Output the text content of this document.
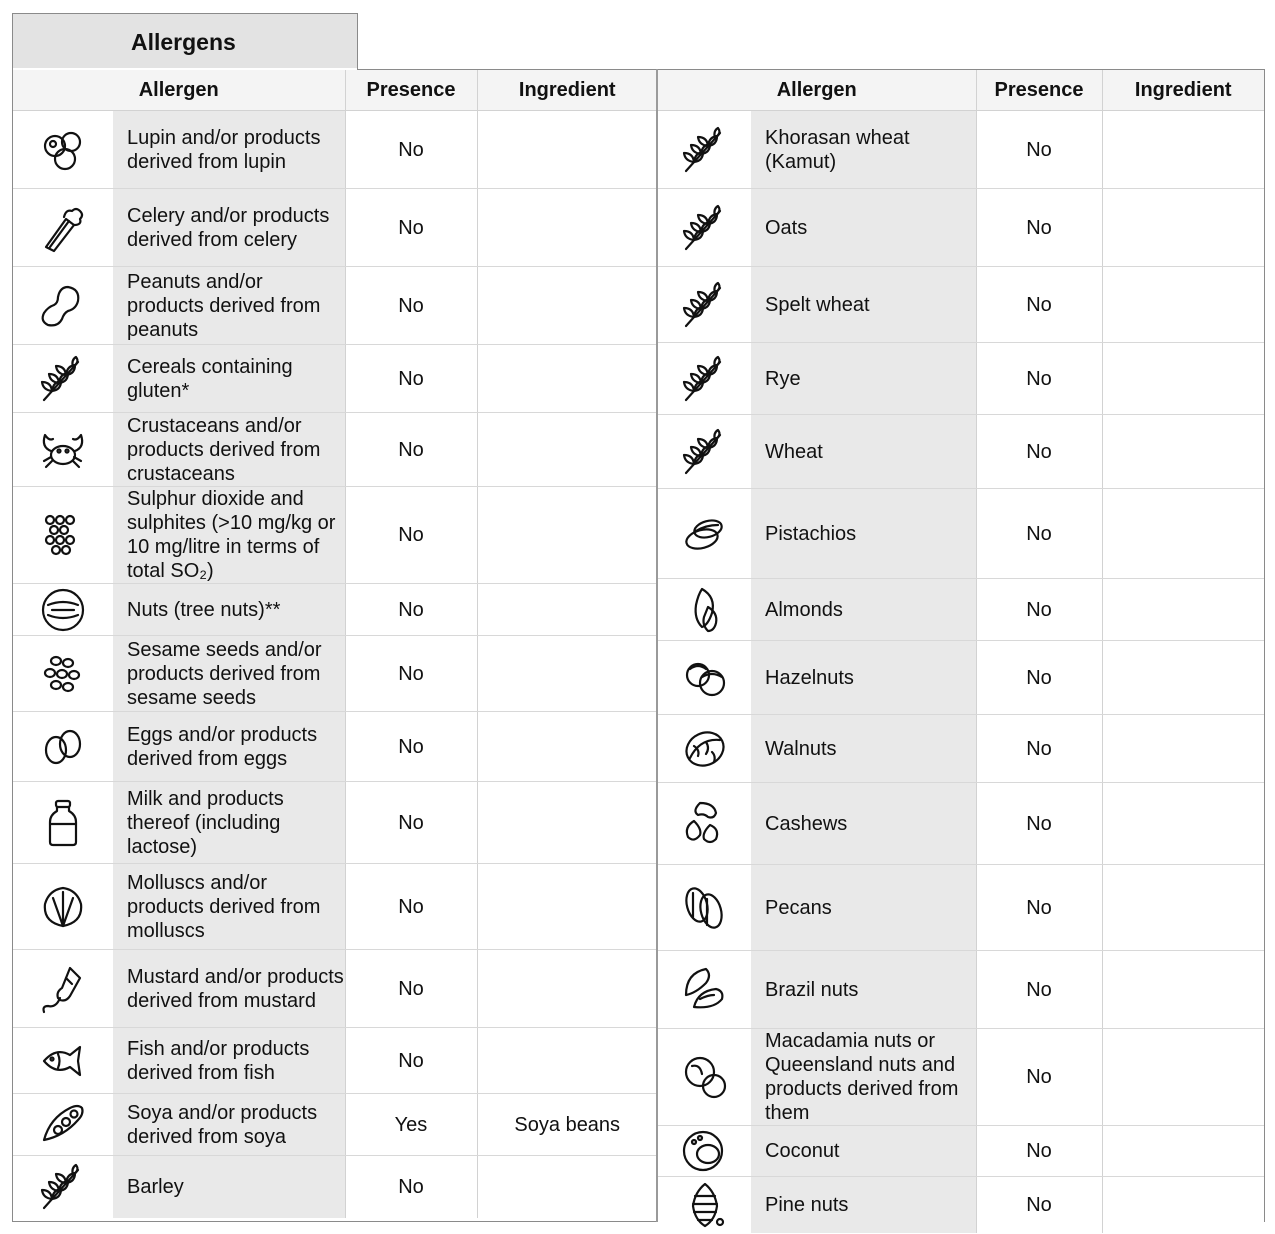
Allergens
Allergen		Presence	Ingredient

	Lupin and/or products derived from lupin	No	

	Celery and/or products derived from celery	No	

	Peanuts and/or products derived from peanuts	No	

	Cereals containing gluten*	No	

	Crustaceans and/or products derived from crustaceans	No	

	Sulphur dioxide and sulphites (>10 mg/kg or 10 mg/litre in terms of total SO₂)	No	

	Nuts (tree nuts)**	No	

	Sesame seeds and/or products derived from sesame seeds	No	

	Eggs and/or products derived from eggs	No	

	Milk and products thereof (including lactose)	No	

	Molluscs and/or products derived from molluscs	No	

	Mustard and/or products derived from mustard	No	

	Fish and/or products derived from fish	No	

	Soya and/or products derived from soya	Yes	Soya beans

	Barley	No	
Allergen		Presence	Ingredient

	Khorasan wheat (Kamut)	No	

	Oats	No	

	Spelt wheat	No	

	Rye	No	

	Wheat	No	

	Pistachios	No	

	Almonds	No	

	Hazelnuts	No	

	Walnuts	No	

	Cashews	No	

	Pecans	No	

	Brazil nuts	No	

	Macadamia nuts or Queensland nuts and products derived from them	No	

	Coconut	No	

	Pine nuts	No	
